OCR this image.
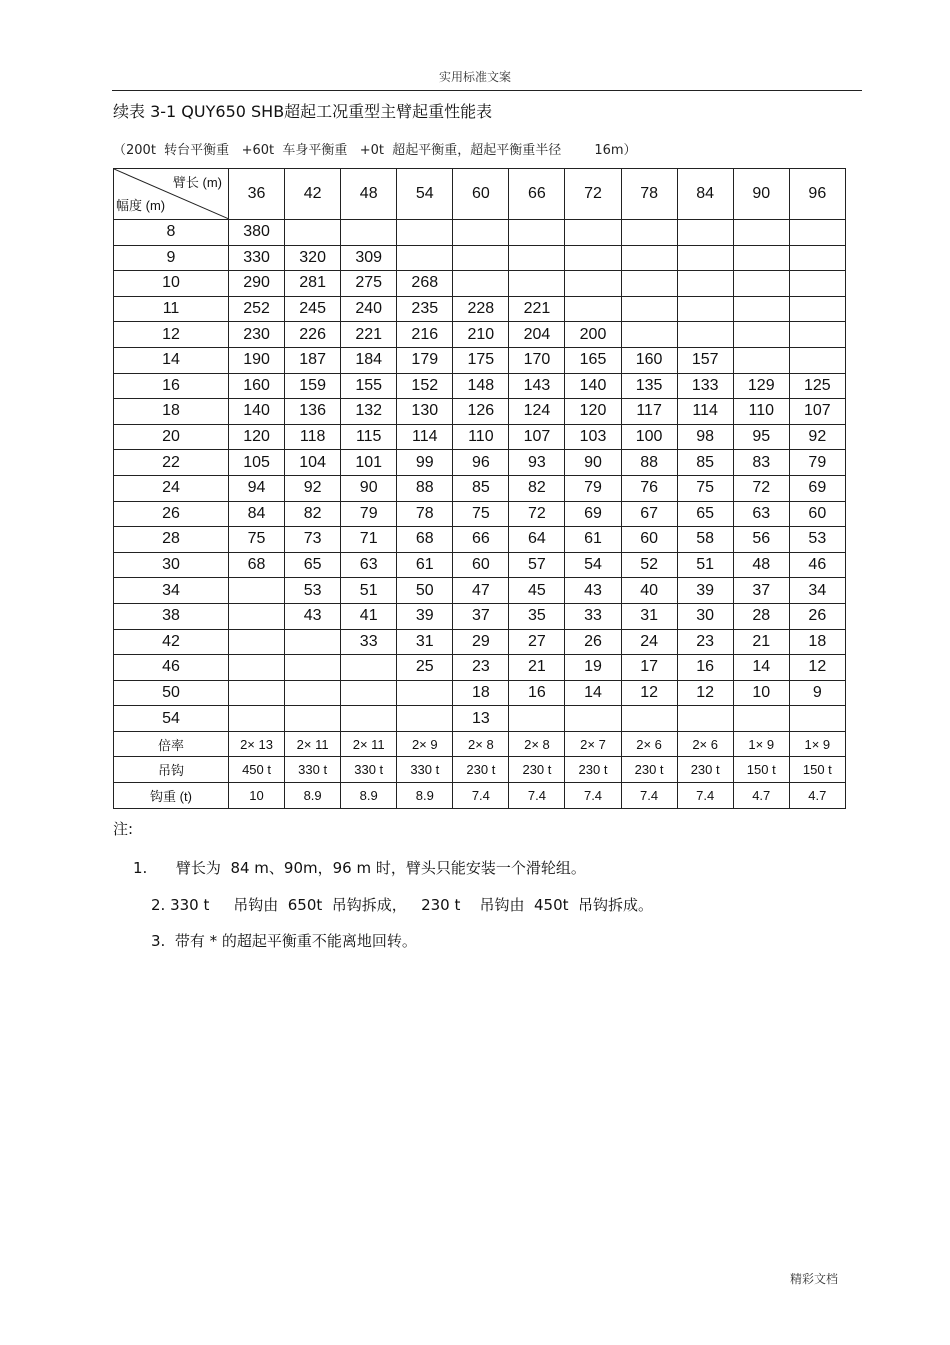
实用标准文案
续表 3-1 QUY650 SHB超起工况重型主臂起重性能表
（200t  转台平衡重   +60t  车身平衡重   +0t  超起平衡重，超起平衡重半径        16m）
臂长 (m)
幅度 (m)	36	42	48	54	60	66	72	78	84	90	96
8	380										
9	330	320	309								
10	290	281	275	268							
11	252	245	240	235	228	221					
12	230	226	221	216	210	204	200				
14	190	187	184	179	175	170	165	160	157		
16	160	159	155	152	148	143	140	135	133	129	125
18	140	136	132	130	126	124	120	117	114	110	107
20	120	118	115	114	110	107	103	100	98	95	92
22	105	104	101	99	96	93	90	88	85	83	79
24	94	92	90	88	85	82	79	76	75	72	69
26	84	82	79	78	75	72	69	67	65	63	60
28	75	73	71	68	66	64	61	60	58	56	53
30	68	65	63	61	60	57	54	52	51	48	46
34		53	51	50	47	45	43	40	39	37	34
38		43	41	39	37	35	33	31	30	28	26
42			33	31	29	27	26	24	23	21	18
46				25	23	21	19	17	16	14	12
50					18	16	14	12	12	10	9
54					13						
倍率	2× 13	2× 11	2× 11	2× 9	2× 8	2× 8	2× 7	2× 6	2× 6	1× 9	1× 9
吊钩	450 t	330 t	330 t	330 t	230 t	230 t	230 t	230 t	230 t	150 t	150 t
钩重 (t)	10	8.9	8.9	8.9	7.4	7.4	7.4	7.4	7.4	4.7	4.7
注:
1.      臂长为  84 m、90m，96 m 时，臂头只能安装一个滑轮组。
2. 330 t     吊钩由  650t  吊钩拆成，   230 t    吊钩由  450t  吊钩拆成。
3.  带有 * 的超起平衡重不能离地回转。
精彩文档
